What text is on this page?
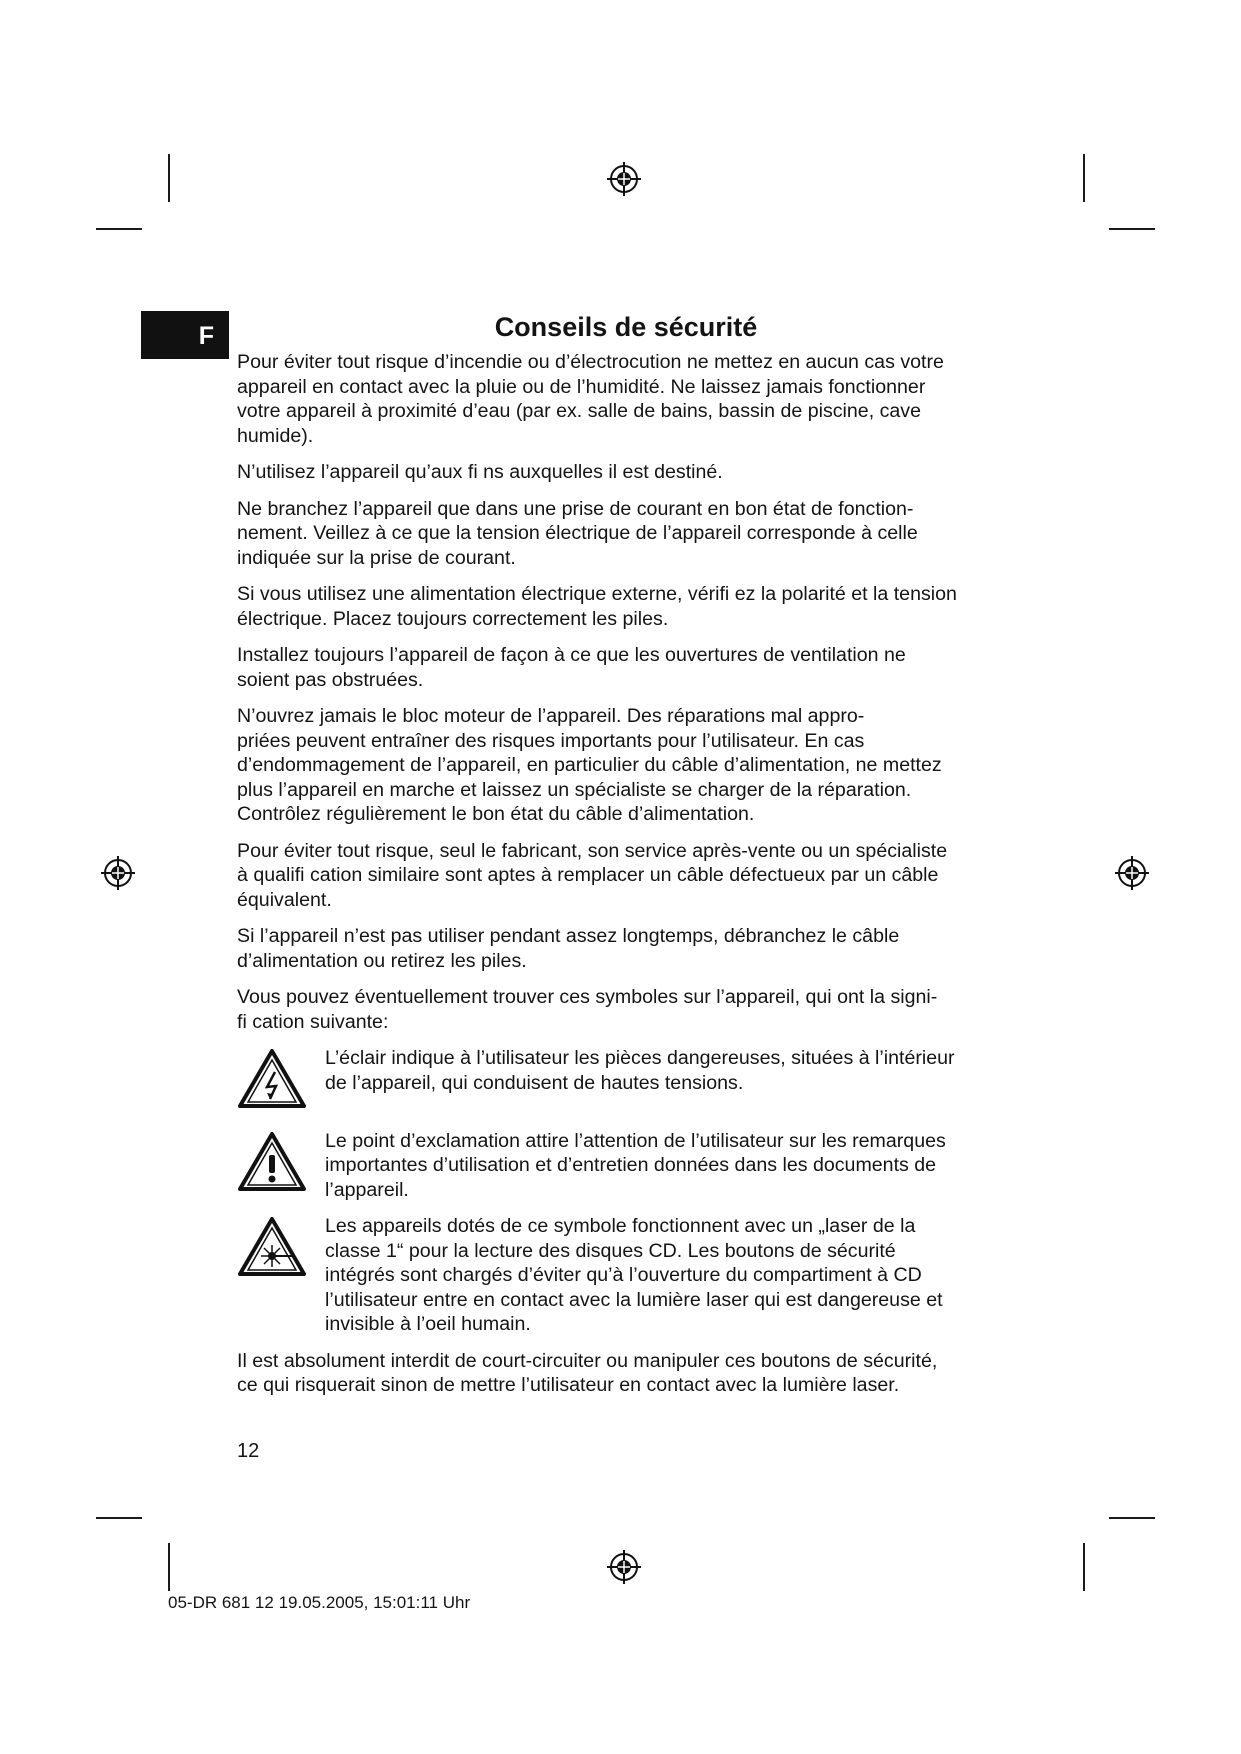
F	Conseils de sécurité

Pour éviter tout risque d’incendie ou d’électrocution ne mettez en aucun cas votre
appareil en contact avec la pluie ou de l’humidité. Ne laissez jamais fonctionner
votre appareil à proximité d’eau (par ex. salle de bains, bassin de piscine, cave
humide).

N’utilisez l’appareil qu’aux fi ns auxquelles il est destiné.

Ne branchez l’appareil que dans une prise de courant en bon état de fonction-
nement. Veillez à ce que la tension électrique de l’appareil corresponde à celle
indiquée sur la prise de courant.

Si vous utilisez une alimentation électrique externe, vérifi ez la polarité et la tension
électrique. Placez toujours correctement les piles.

Installez toujours l’appareil de façon à ce que les ouvertures de ventilation ne
soient pas obstruées.

N’ouvrez jamais le bloc moteur de l’appareil. Des réparations mal appro-
priées peuvent entraîner des risques importants pour l’utilisateur. En cas
d’endommagement de l’appareil, en particulier du câble d’alimentation, ne mettez
plus l’appareil en marche et laissez un spécialiste se charger de la réparation.
Contrôlez régulièrement le bon état du câble d’alimentation.

Pour éviter tout risque, seul le fabricant, son service après-vente ou un spécialiste
à qualifi cation similaire sont aptes à remplacer un câble défectueux par un câble
équivalent.

Si l’appareil n’est pas utiliser pendant assez longtemps, débranchez le câble
d’alimentation ou retirez les piles.

Vous pouvez éventuellement trouver ces symboles sur l’appareil, qui ont la signi-
fi cation suivante:

L’éclair indique à l’utilisateur les pièces dangereuses, situées à l’intérieur
de l’appareil, qui conduisent de hautes tensions.

Le point d’exclamation attire l’attention de l’utilisateur sur les remarques
importantes d’utilisation et d’entretien données dans les documents de
l’appareil.

Les appareils dotés de ce symbole fonctionnent avec un „laser de la
classe 1“ pour la lecture des disques CD. Les boutons de sécurité
intégrés sont chargés d’éviter qu’à l’ouverture du compartiment à CD
l’utilisateur entre en contact avec la lumière laser qui est dangereuse et
invisible à l’oeil humain.

Il est absolument interdit de court-circuiter ou manipuler ces boutons de sécurité,
ce qui risquerait sinon de mettre l’utilisateur en contact avec la lumière laser.

12
05-DR 681 12 19.05.2005, 15:01:11 Uhr
